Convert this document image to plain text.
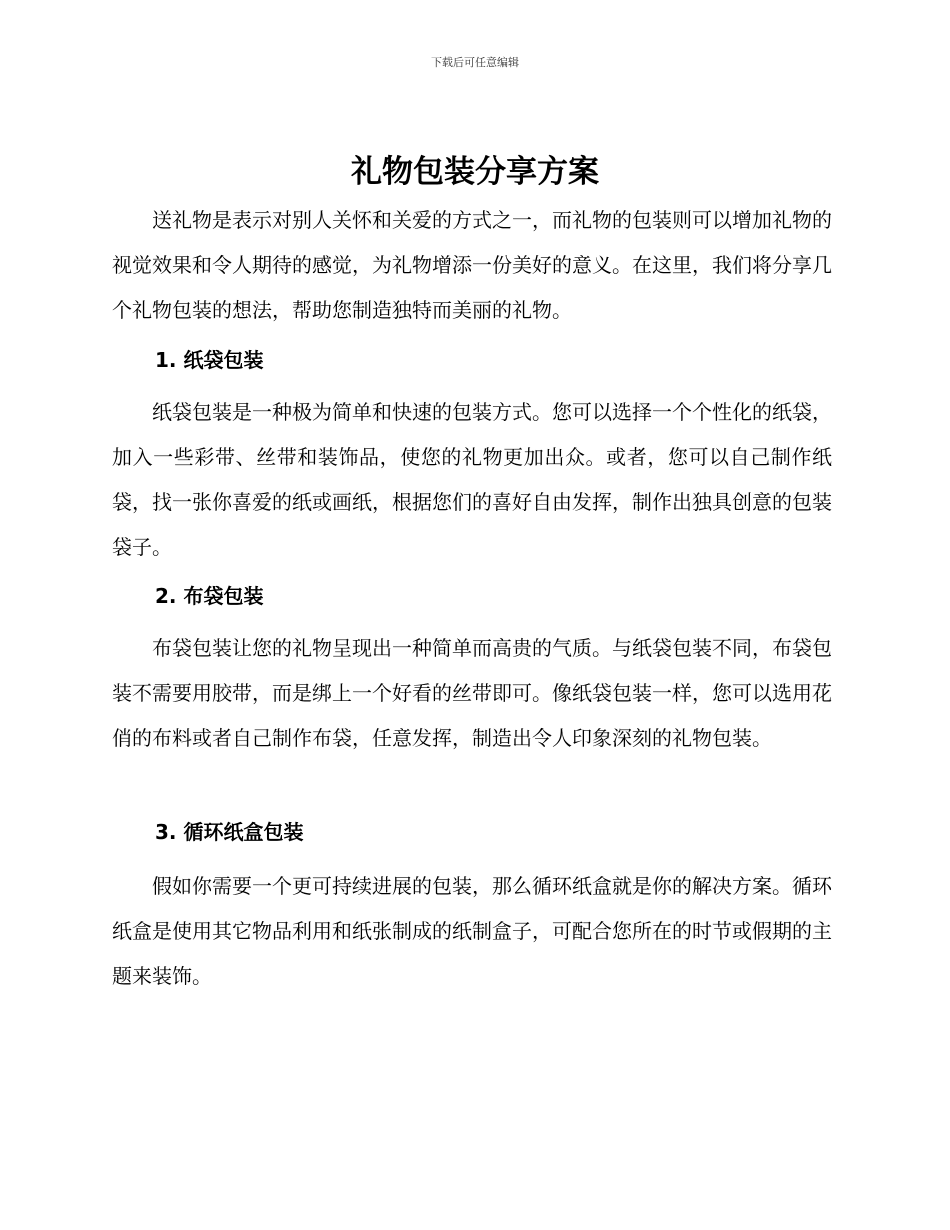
下载后可任意编辑
礼物包装分享方案

送礼物是表示对别人关怀和关爱的方式之一，而礼物的包装则可以增加礼物的视觉效果和令人期待的感觉，为礼物增添一份美好的意义。在这里，我们将分享几个礼物包装的想法，帮助您制造独特而美丽的礼物。

1. 纸袋包装

纸袋包装是一种极为简单和快速的包装方式。您可以选择一个个性化的纸袋，加入一些彩带、丝带和装饰品，使您的礼物更加出众。或者，您可以自己制作纸袋，找一张你喜爱的纸或画纸，根据您们的喜好自由发挥，制作出独具创意的包装袋子。

2. 布袋包装

布袋包装让您的礼物呈现出一种简单而高贵的气质。与纸袋包装不同，布袋包装不需要用胶带，而是绑上一个好看的丝带即可。像纸袋包装一样，您可以选用花俏的布料或者自己制作布袋，任意发挥，制造出令人印象深刻的礼物包装。

3. 循环纸盒包装

假如你需要一个更可持续进展的包装，那么循环纸盒就是你的解决方案。循环纸盒是使用其它物品利用和纸张制成的纸制盒子，可配合您所在的时节或假期的主题来装饰。
